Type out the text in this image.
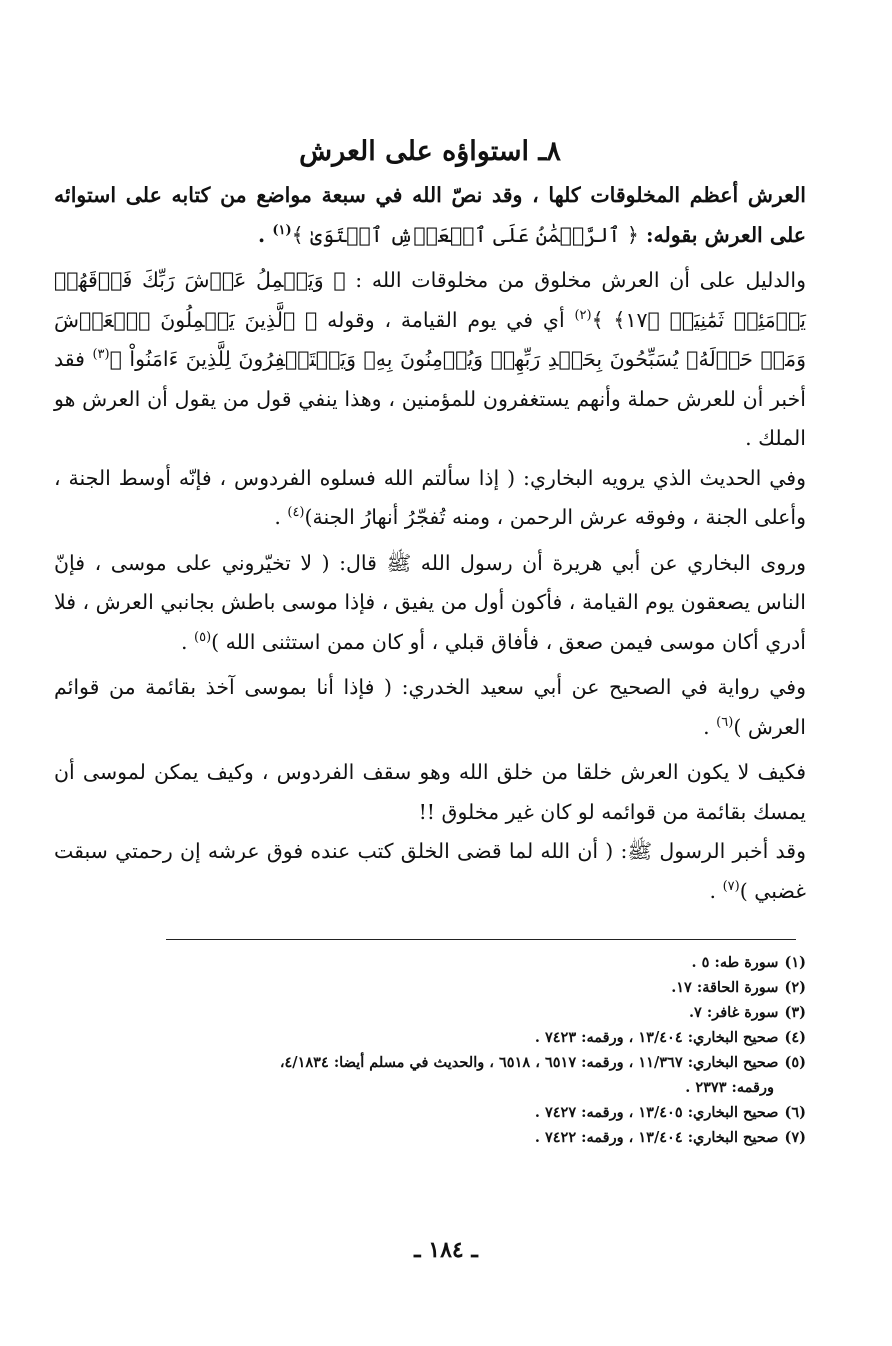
٨ـ استواؤه على العرش

العرش أعظم المخلوقات كلها ، وقد نصّ الله في سبعة مواضع من كتابه على استوائه على العرش بقوله: ﴿ ٱلرَّحۡمَٰنُ عَلَى ٱلۡعَرۡشِ ٱسۡتَوَىٰ ﴾$^{(١)}$ .

والدليل على أن العرش مخلوق من مخلوقات الله : ﴿ وَيَحۡمِلُ عَرۡشَ رَبِّكَ فَوۡقَهُمۡ يَوۡمَئِذٖ ثَمَٰنِيَةٞ ﴿١٧﴾ ﴾$^{(٢)}$ أي في يوم القيامة ، وقوله ﴿ ٱلَّذِينَ يَحۡمِلُونَ ٱلۡعَرۡشَ وَمَنۡ حَوۡلَهُۥ يُسَبِّحُونَ بِحَمۡدِ رَبِّهِمۡ وَيُؤۡمِنُونَ بِهِۦ وَيَسۡتَغۡفِرُونَ لِلَّذِينَ ءَامَنُواْ ﴾$^{(٣)}$ فقد أخبر أن للعرش حملة وأنهم يستغفرون للمؤمنين ، وهذا ينفي قول من يقول أن العرش هو الملك .

وفي الحديث الذي يرويه البخاري: ( إذا سألتم الله فسلوه الفردوس ، فإنّه أوسط الجنة ، وأعلى الجنة ، وفوقه عرش الرحمن ، ومنه تُفجّرُ أنهارُ الجنة)$^{(٤)}$ .

وروى البخاري عن أبي هريرة أن رسول الله ﷺ قال: ( لا تخيّروني على موسى ، فإنّ الناس يصعقون يوم القيامة ، فأكون أول من يفيق ، فإذا موسى باطش بجانبي العرش ، فلا أدري أكان موسى فيمن صعق ، فأفاق قبلي ، أو كان ممن استثنى الله )$^{(٥)}$ .

وفي رواية في الصحيح عن أبي سعيد الخدري: ( فإذا أنا بموسى آخذ بقائمة من قوائم العرش )$^{(٦)}$ .

فكيف لا يكون العرش خلقا من خلق الله وهو سقف الفردوس ، وكيف يمكن لموسى أن يمسك بقائمة من قوائمه لو كان غير مخلوق !!

وقد أخبر الرسول ﷺ: ( أن الله لما قضى الخلق كتب عنده فوق عرشه إن رحمتي سبقت غضبي )$^{(٧)}$ .

(١)سورة طه: ٥ .
(٢)سورة الحاقة: ١٧.
(٣)سورة غافر: ٧.
(٤)صحيح البخاري: ١٣/٤٠٤ ، ورقمه: ٧٤٢٣ .
(٥)صحيح البخاري: ١١/٣٦٧ ، ورقمه: ٦٥١٧ ، ٦٥١٨ ، والحديث في مسلم أيضا: ٤/١٨٣٤،
ورقمه: ٢٣٧٣ .
(٦)صحيح البخاري: ١٣/٤٠٥ ، ورقمه: ٧٤٢٧ .
(٧)صحيح البخاري: ١٣/٤٠٤ ، ورقمه: ٧٤٢٢ .
ـ ١٨٤ ـ
